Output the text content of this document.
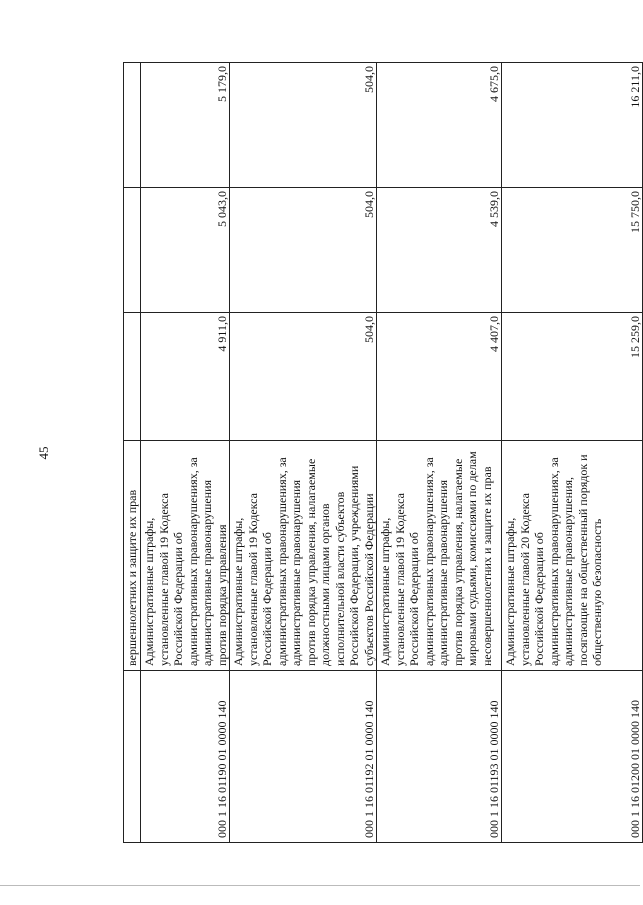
45
	вершеннолетних и защите их прав			
000 1 16 01190 01 0000 140	Административные штрафы, установленные главой 19 Кодекса Российской Федерации об административных правонарушениях, за административные правонарушения против порядка управления	4 911,0	5 043,0	5 179,0
000 1 16 01192 01 0000 140	Административные штрафы, установленные главой 19 Кодекса Российской Федерации об административных правонарушениях, за административные правонарушения против порядка управления, налагаемые должностными лицами органов исполнительной власти субъектов Российской Федерации, учреждениями субъектов Российской Федерации	504,0	504,0	504,0
000 1 16 01193 01 0000 140	Административные штрафы, установленные главой 19 Кодекса Российской Федерации об административных правонарушениях, за административные правонарушения против порядка управления, налагаемые мировыми судьями, комиссиями по делам несовершеннолетних и защите их прав	4 407,0	4 539,0	4 675,0
000 1 16 01200 01 0000 140	Административные штрафы, установленные главой 20 Кодекса Российской Федерации об административных правонарушениях, за административные правонарушения, посягающие на общественный порядок и общественную безопасность	15 259,0	15 750,0	16 211,0
